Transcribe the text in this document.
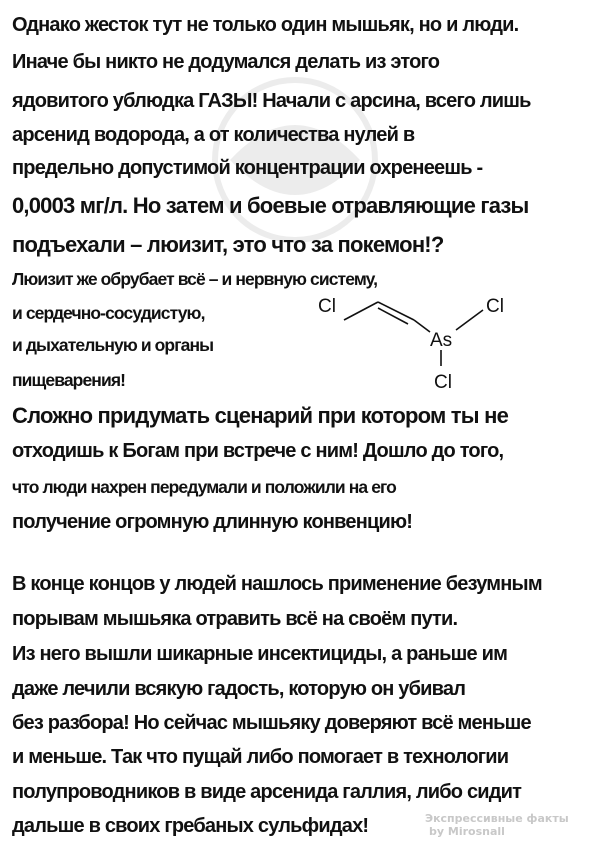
Однако жесток тут не только один мышьяк, но и люди.
Иначе бы никто не додумался делать из этого
ядовитого ублюдка ГАЗЫ! Начали с арсина, всего лишь
арсенид водорода, а от количества нулей в
предельно допустимой концентрации охренеешь -
0,0003 мг/л. Но затем и боевые отравляющие газы
подъехали – люизит, это что за покемон!?
Люизит же обрубает всё – и нервную систему,
и сердечно-сосудистую,
и дыхательную и органы
пищеварения!
Сложно придумать сценарий при котором ты не
отходишь к Богам при встрече с ним! Дошло до того,
что люди нахрен передумали и положили на его
получение огромную длинную конвенцию!
Cl	Cl
As
Cl
В конце концов у людей нашлось применение безумным
порывам мышьяка отравить всё на своём пути.
Из него вышли шикарные инсектициды, а раньше им
даже лечили всякую гадость, которую он убивал
без разбора! Но сейчас мышьяку доверяют всё меньше
и меньше. Так что пущай либо помогает в технологии
полупроводников в виде арсенида галлия, либо сидит
дальше в своих гребаных сульфидах!	Экспрессивные факты
by Mirosnall
